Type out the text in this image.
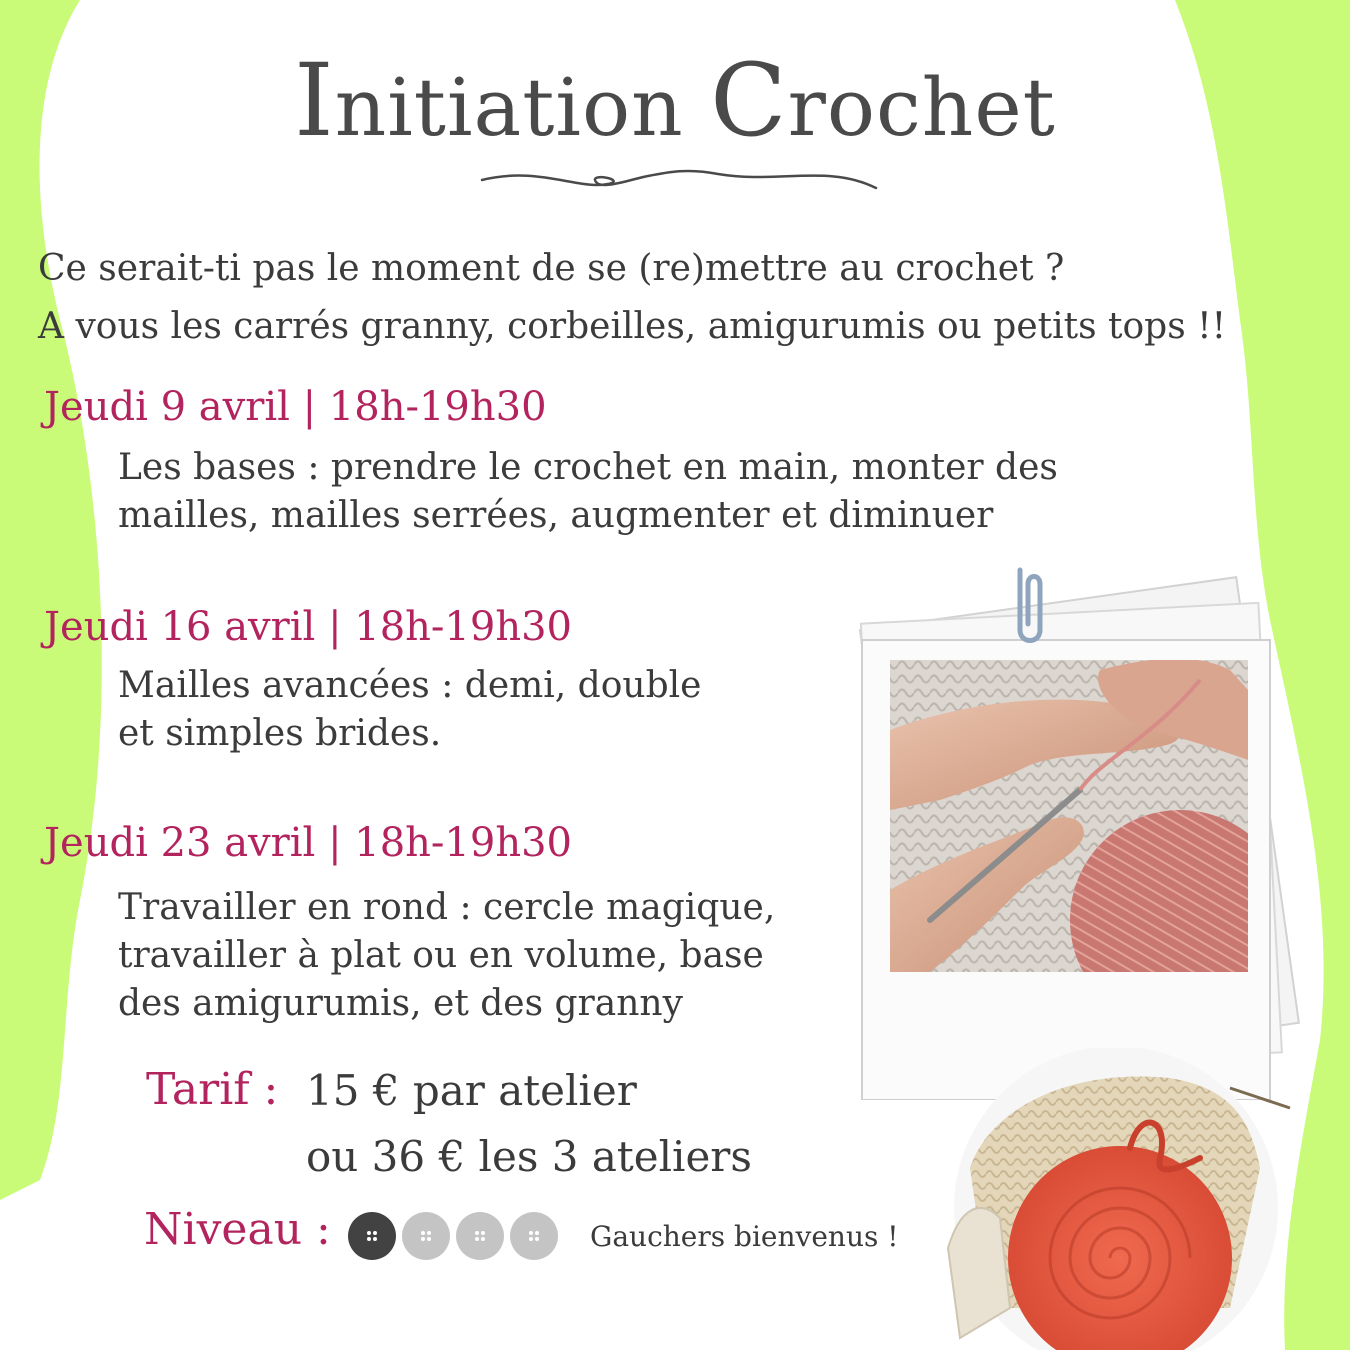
Initiation Crochet
Ce serait-ti pas le moment de se (re)mettre au crochet ?
A vous les carrés granny, corbeilles, amigurumis ou petits tops !!
Jeudi 9 avril | 18h-19h30
Les bases : prendre le crochet en main, monter des
mailles, mailles serrées, augmenter et diminuer
Jeudi 16 avril | 18h-19h30
Mailles avancées : demi, double
et simples brides.
Jeudi 23 avril | 18h-19h30
Travailler en rond : cercle magique,
travailler à plat ou en volume, base
des amigurumis, et des granny
Tarif : 15 € par atelier
ou 36 € les 3 ateliers
Niveau :	Gauchers bienvenus !
